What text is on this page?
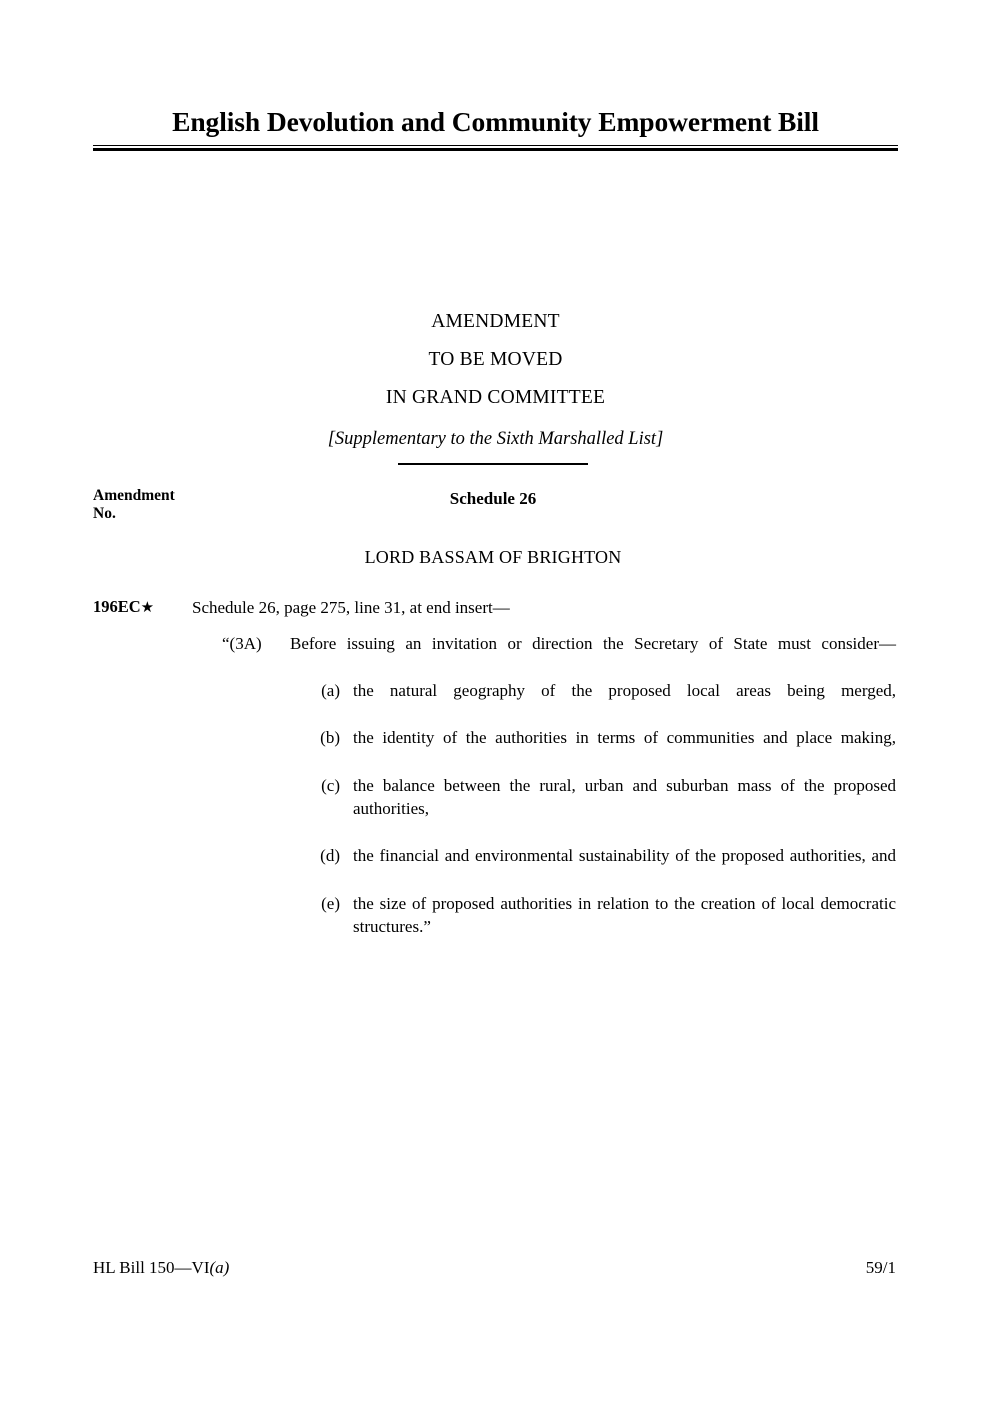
English Devolution and Community Empowerment Bill
AMENDMENT
TO BE MOVED
IN GRAND COMMITTEE
[Supplementary to the Sixth Marshalled List]
Amendment
No.
Schedule 26
LORD BASSAM OF BRIGHTON
196EC★ Schedule 26, page 275, line 31, at end insert—
“(3A) Before issuing an invitation or direction the Secretary of State must consider—
(a) the natural geography of the proposed local areas being merged,
(b) the identity of the authorities in terms of communities and place making,
(c) the balance between the rural, urban and suburban mass of the proposed authorities,
(d) the financial and environmental sustainability of the proposed authorities, and
(e) the size of proposed authorities in relation to the creation of local democratic structures.”
HL Bill 150—VI(a)	59/1
